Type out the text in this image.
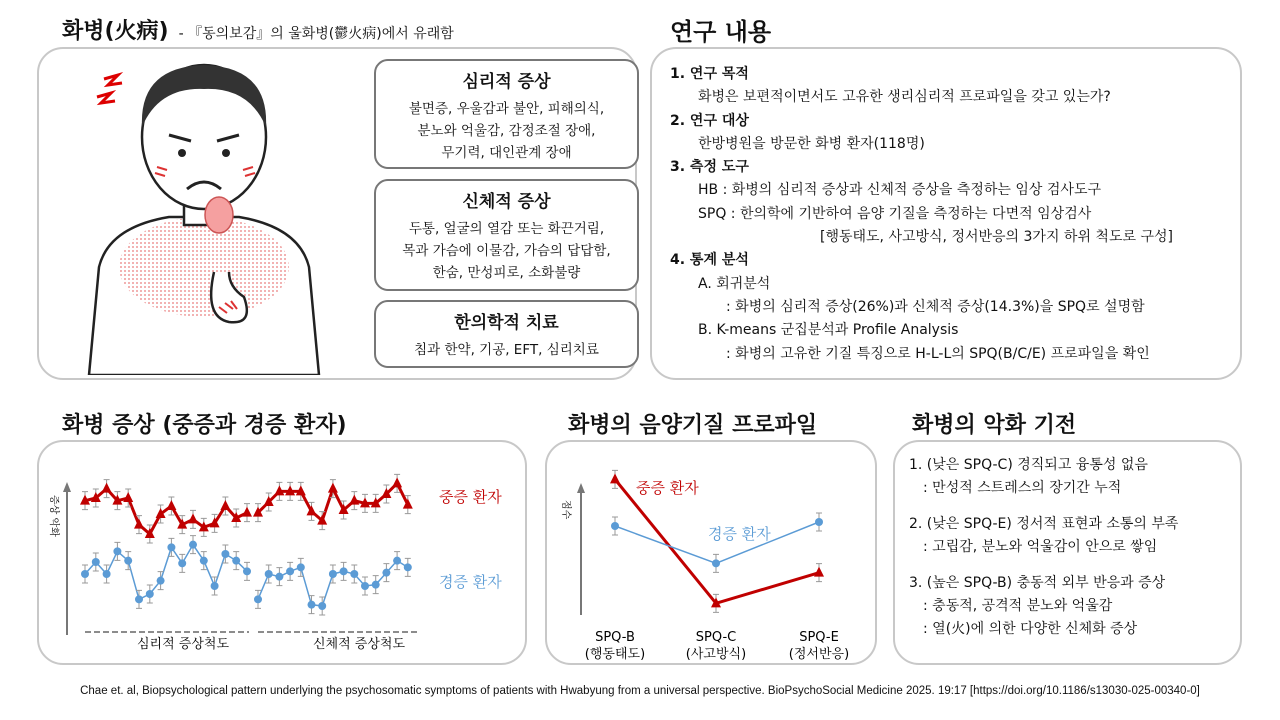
화병(火病) - 『동의보감』의 울화병(鬱火病)에서 유래함
심리적 증상
불면증, 우울감과 불안, 피해의식,
분노와 억울감, 감정조절 장애,
무기력, 대인관계 장애
신체적 증상
두통, 얼굴의 열감 또는 화끈거림,
목과 가슴에 이물감, 가슴의 답답함,
한숨, 만성피로, 소화불량
한의학적 치료
침과 한약, 기공, EFT, 심리치료
연구 내용
1. 연구 목적
화병은 보편적이면서도 고유한 생리심리적 프로파일을 갖고 있는가?
2. 연구 대상
한방병원을 방문한 화병 환자(118명)
3. 측정 도구
HB : 화병의 심리적 증상과 신체적 증상을 측정하는 임상 검사도구
SPQ : 한의학에 기반하여 음양 기질을 측정하는 다면적 임상검사
[행동태도, 사고방식, 정서반응의 3가지 하위 척도로 구성]
4. 통계 분석
A. 회귀분석
: 화병의 심리적 증상(26%)과 신체적 증상(14.3%)을 SPQ로 설명함
B. K-means 군집분석과 Profile Analysis
: 화병의 고유한 기질 특징으로 H-L-L의 SPQ(B/C/E) 프로파일을 확인
화병 증상 (중증과 경증 환자)
증상 악화	중증 환자
경증 환자
심리적 증상척도	신체적 증상척도
화병의 음양기질 프로파일
점수
중증 환자
경증 환자
SPQ-B
(행동태도)
SPQ-C
(사고방식)
SPQ-E
(정서반응)
화병의 악화 기전
1. (낮은 SPQ-C) 경직되고 융통성 없음
: 만성적 스트레스의 장기간 누적
2. (낮은 SPQ-E) 정서적 표현과 소통의 부족
: 고립감, 분노와 억울감이 안으로 쌓임
3. (높은 SPQ-B) 충동적 외부 반응과 증상
: 충동적, 공격적 분노와 억울감
: 열(火)에 의한 다양한 신체화 증상
Chae et. al, Biopsychological pattern underlying the psychosomatic symptoms of patients with Hwabyung from a universal perspective. BioPsychoSocial Medicine 2025. 19:17 [https://doi.org/10.1186/s13030-025-00340-0]
